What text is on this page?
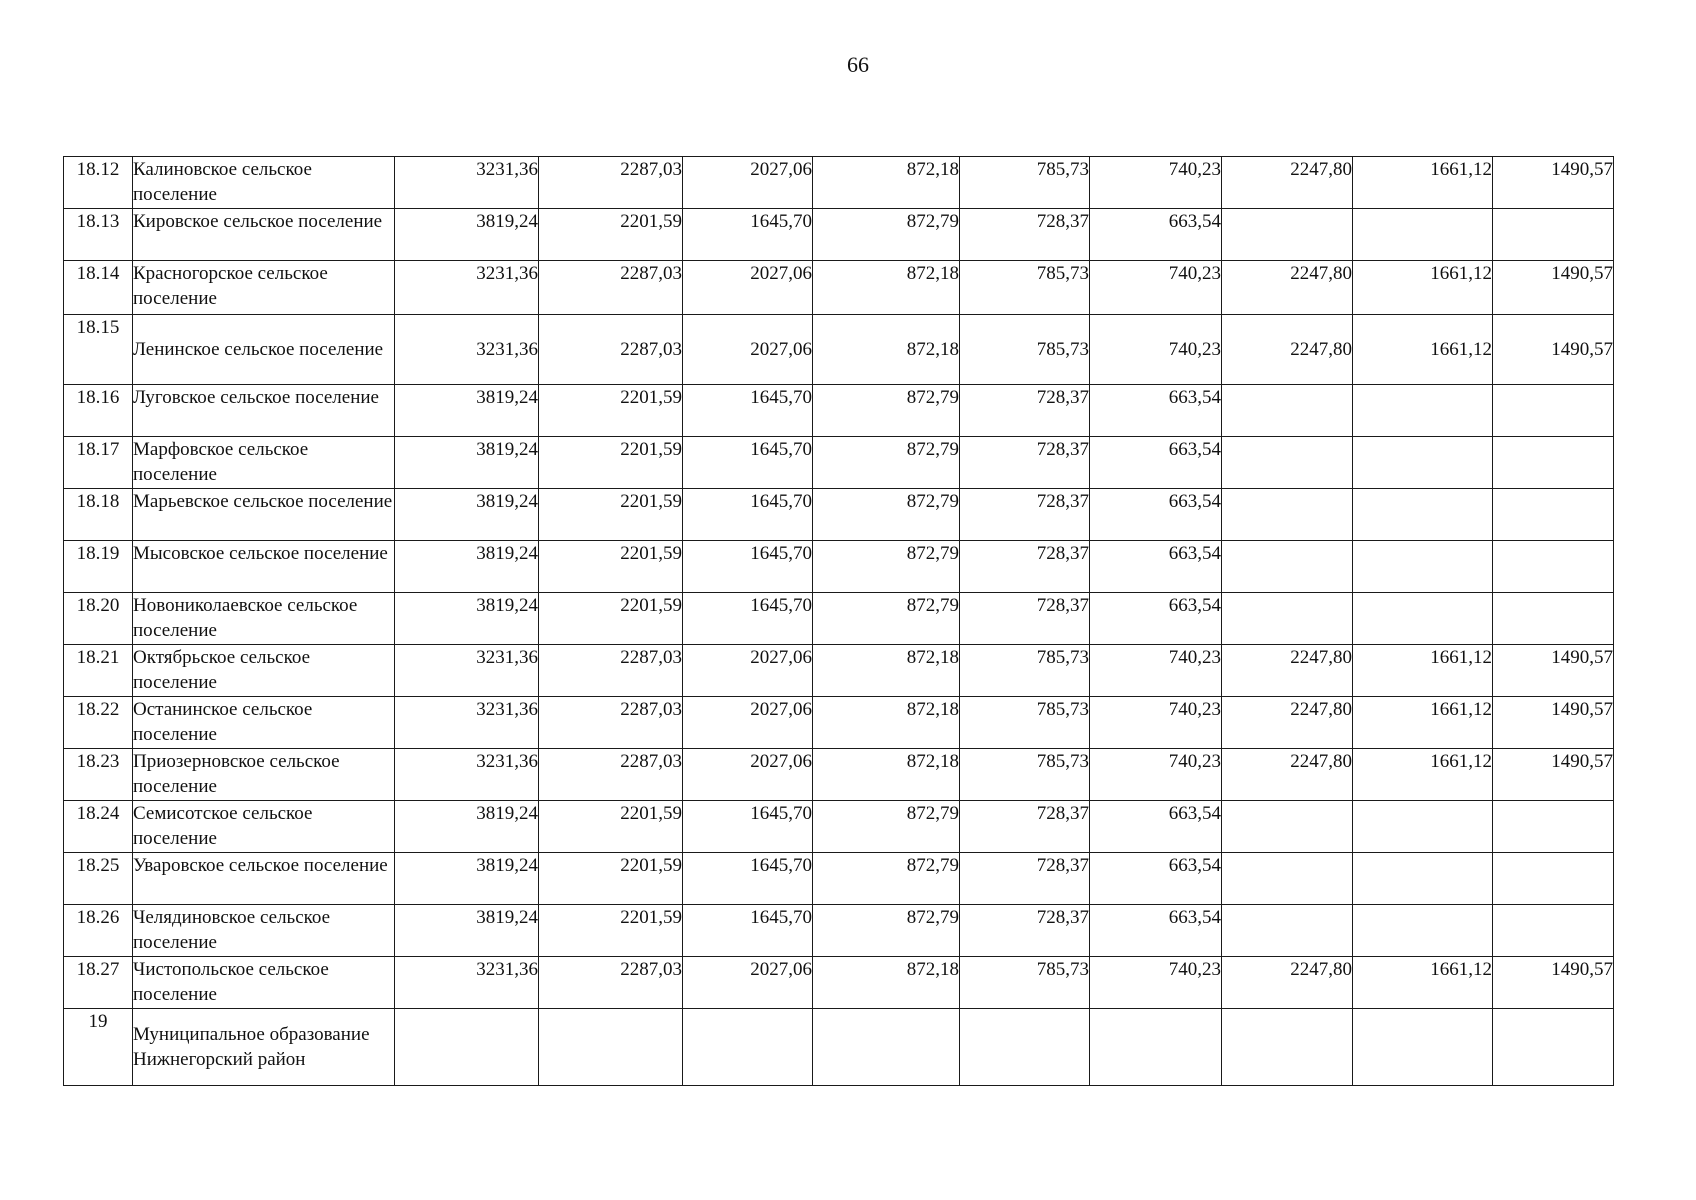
66
18.12	Калиновское сельское поселение	3231,36	2287,03	2027,06	872,18	785,73	740,23	2247,80	1661,12	1490,57
18.13	Кировское сельское поселение	3819,24	2201,59	1645,70	872,79	728,37	663,54			
18.14	Красногорское сельское поселение	3231,36	2287,03	2027,06	872,18	785,73	740,23	2247,80	1661,12	1490,57
18.15	Ленинское сельское поселение	3231,36	2287,03	2027,06	872,18	785,73	740,23	2247,80	1661,12	1490,57
18.16	Луговское сельское поселение	3819,24	2201,59	1645,70	872,79	728,37	663,54			
18.17	Марфовское сельское поселение	3819,24	2201,59	1645,70	872,79	728,37	663,54			
18.18	Марьевское сельское поселение	3819,24	2201,59	1645,70	872,79	728,37	663,54			
18.19	Мысовское сельское поселение	3819,24	2201,59	1645,70	872,79	728,37	663,54			
18.20	Новониколаевское сельское поселение	3819,24	2201,59	1645,70	872,79	728,37	663,54			
18.21	Октябрьское сельское поселение	3231,36	2287,03	2027,06	872,18	785,73	740,23	2247,80	1661,12	1490,57
18.22	Останинское сельское поселение	3231,36	2287,03	2027,06	872,18	785,73	740,23	2247,80	1661,12	1490,57
18.23	Приозерновское сельское поселение	3231,36	2287,03	2027,06	872,18	785,73	740,23	2247,80	1661,12	1490,57
18.24	Семисотское сельское поселение	3819,24	2201,59	1645,70	872,79	728,37	663,54			
18.25	Уваровское сельское поселение	3819,24	2201,59	1645,70	872,79	728,37	663,54			
18.26	Челядиновское сельское поселение	3819,24	2201,59	1645,70	872,79	728,37	663,54			
18.27	Чистопольское сельское поселение	3231,36	2287,03	2027,06	872,18	785,73	740,23	2247,80	1661,12	1490,57
19	Муниципальное образование Нижнегорский район									
